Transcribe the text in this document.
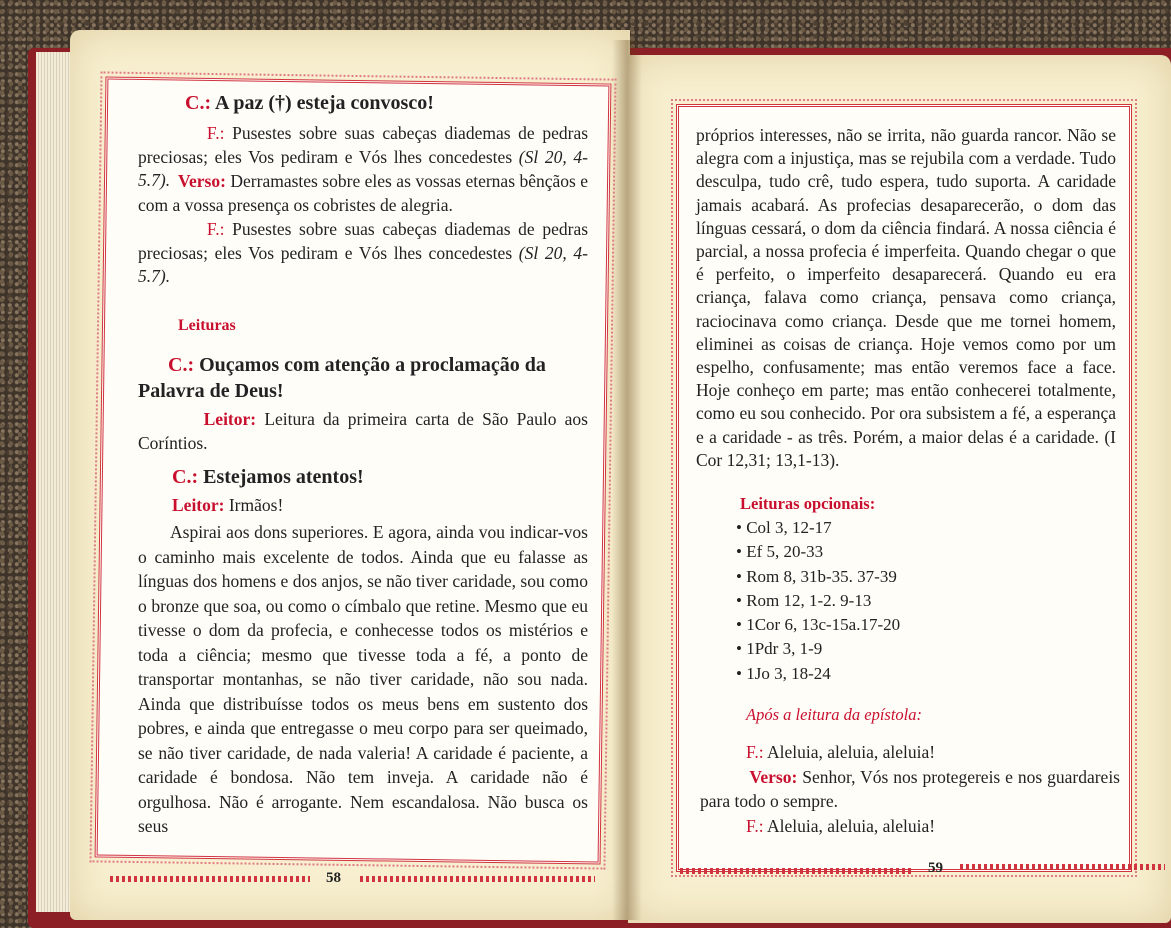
C.: A paz (†) esteja convosco!
F.: Pusestes sobre suas cabeças diademas de pedras preciosas; eles Vos pediram e Vós lhes concedestes (Sl 20, 4-5.7). Verso: Derramastes sobre eles as vossas eternas bênçãos e com a vossa presença os cobristes de alegria.
F.: Pusestes sobre suas cabeças diademas de pedras preciosas; eles Vos pediram e Vós lhes concedestes (Sl 20, 4-5.7).
Leituras
C.: Ouçamos com atenção a proclamação da Palavra de Deus!
Leitor: Leitura da primeira carta de São Paulo aos Coríntios.
C.: Estejamos atentos!
Leitor: Irmãos!
Aspirai aos dons superiores. E agora, ainda vou indicar-vos o caminho mais excelente de todos. Ainda que eu falasse as línguas dos homens e dos anjos, se não tiver caridade, sou como o bronze que soa, ou como o címbalo que retine. Mesmo que eu tivesse o dom da profecia, e conhecesse todos os mistérios e toda a ciência; mesmo que tivesse toda a fé, a ponto de transportar montanhas, se não tiver caridade, não sou nada. Ainda que distribuísse todos os meus bens em sustento dos pobres, e ainda que entregasse o meu corpo para ser queimado, se não tiver caridade, de nada valeria! A caridade é paciente, a caridade é bondosa. Não tem inveja. A caridade não é orgulhosa. Não é arrogante. Nem escandalosa. Não busca os seus
58
próprios interesses, não se irrita, não guarda rancor. Não se alegra com a injustiça, mas se rejubila com a verdade. Tudo desculpa, tudo crê, tudo espera, tudo suporta. A caridade jamais acabará. As profecias desaparecerão, o dom das línguas cessará, o dom da ciência findará. A nossa ciência é parcial, a nossa profecia é imperfeita. Quando chegar o que é perfeito, o imperfeito desaparecerá. Quando eu era criança, falava como criança, pensava como criança, raciocinava como criança. Desde que me tornei homem, eliminei as coisas de criança. Hoje vemos como por um espelho, confusamente; mas então veremos face a face. Hoje conheço em parte; mas então conhecerei totalmente, como eu sou conhecido. Por ora subsistem a fé, a esperança e a caridade - as três. Porém, a maior delas é a caridade. (I Cor 12,31; 13,1-13).
Leituras opcionais:
• Col 3, 12-17
• Ef 5, 20-33
• Rom 8, 31b-35. 37-39
• Rom 12, 1-2. 9-13
• 1Cor 6, 13c-15a.17-20
• 1Pdr 3, 1-9
• 1Jo 3, 18-24
Após a leitura da epístola:
F.: Aleluia, aleluia, aleluia!
Verso: Senhor, Vós nos protegereis e nos guardareis para todo o sempre.
F.: Aleluia, aleluia, aleluia!
59
